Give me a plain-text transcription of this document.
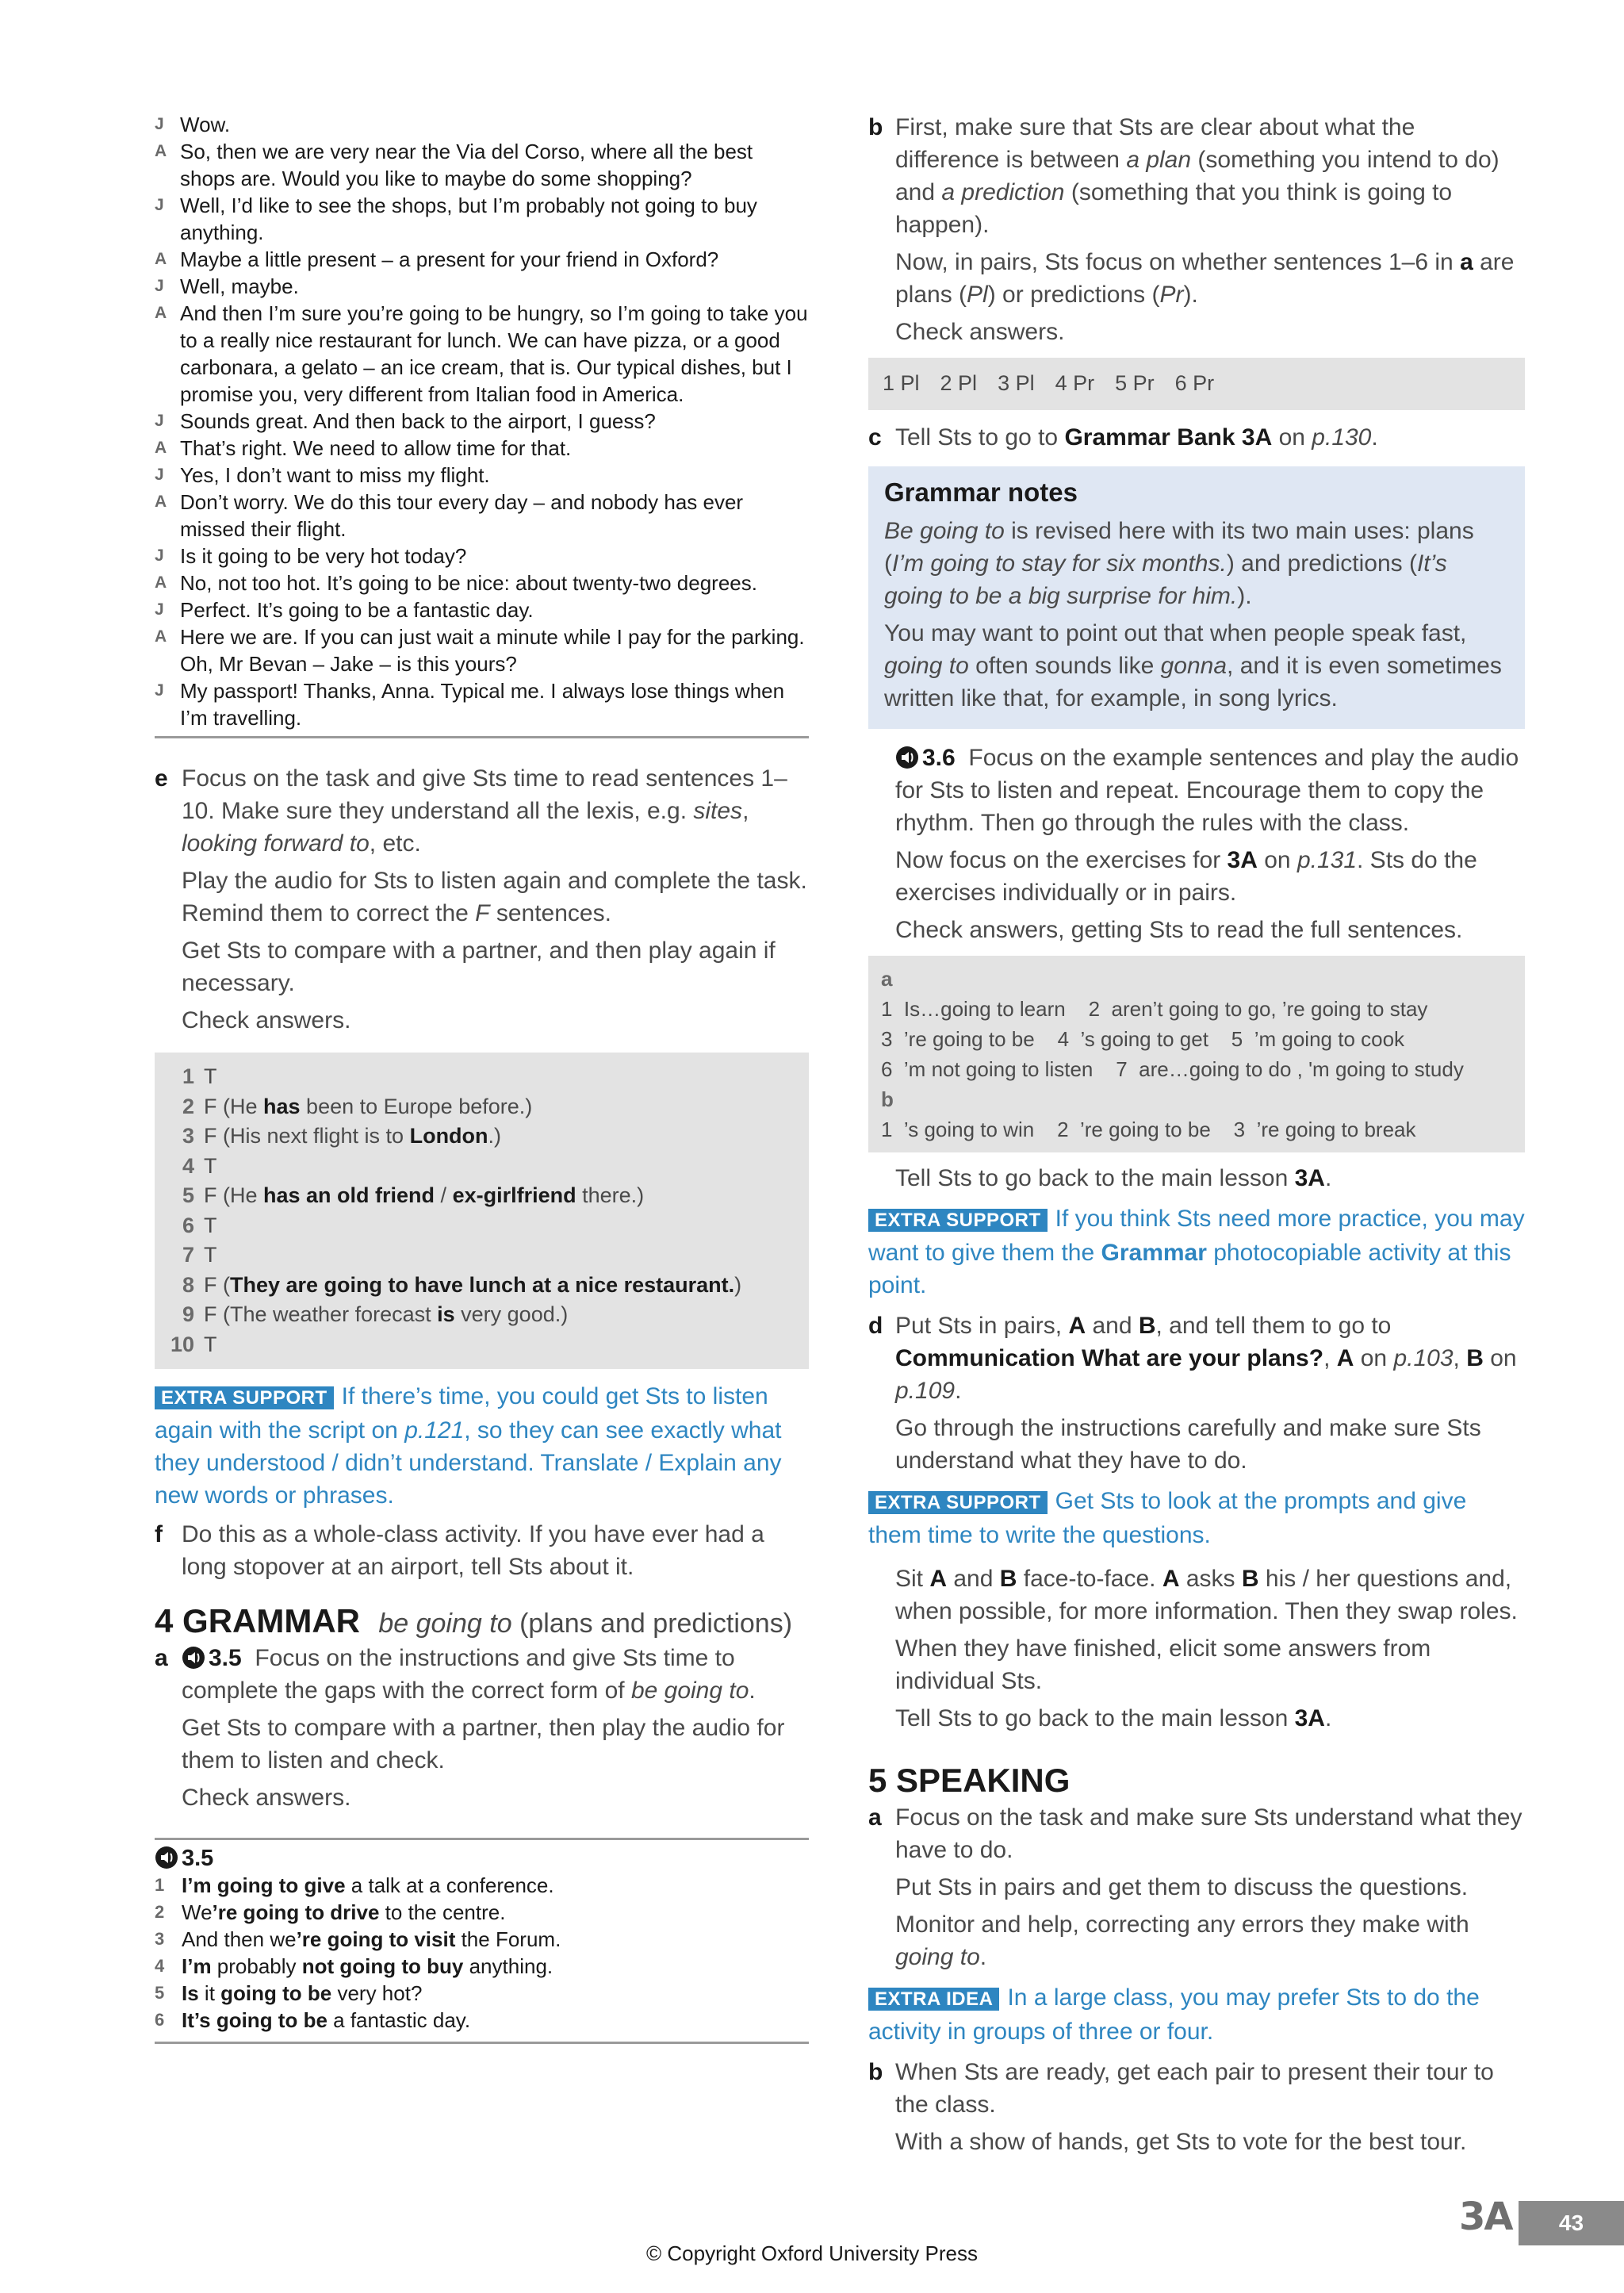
J Wow.
A So, then we are very near the Via del Corso, where all the best shops are. Would you like to maybe do some shopping?
J Well, I’d like to see the shops, but I’m probably not going to buy anything.
A Maybe a little present – a present for your friend in Oxford?
J Well, maybe.
A And then I’m sure you’re going to be hungry, so I’m going to take you to a really nice restaurant for lunch. We can have pizza, or a good carbonara, a gelato – an ice cream, that is. Our typical dishes, but I promise you, very different from Italian food in America.
J Sounds great. And then back to the airport, I guess?
A That’s right. We need to allow time for that.
J Yes, I don’t want to miss my flight.
A Don’t worry. We do this tour every day – and nobody has ever missed their flight.
J Is it going to be very hot today?
A No, not too hot. It’s going to be nice: about twenty-two degrees.
J Perfect. It’s going to be a fantastic day.
A Here we are. If you can just wait a minute while I pay for the parking. Oh, Mr Bevan – Jake – is this yours?
J My passport! Thanks, Anna. Typical me. I always lose things when I’m travelling.
e Focus on the task and give Sts time to read sentences 1–10. Make sure they understand all the lexis, e.g. sites, looking forward to, etc.
Play the audio for Sts to listen again and complete the task. Remind them to correct the F sentences.
Get Sts to compare with a partner, and then play again if necessary.
Check answers.
1 T
2 F (He has been to Europe before.)
3 F (His next flight is to London.)
4 T
5 F (He has an old friend / ex-girlfriend there.)
6 T
7 T
8 F (They are going to have lunch at a nice restaurant.)
9 F (The weather forecast is very good.)
10 T
EXTRA SUPPORT If there’s time, you could get Sts to listen again with the script on p.121, so they can see exactly what they understood / didn’t understand. Translate / Explain any new words or phrases.
f Do this as a whole-class activity. If you have ever had a long stopover at an airport, tell Sts about it.
4 GRAMMAR be going to (plans and predictions)
a	3.5 Focus on the instructions and give Sts time to complete the gaps with the correct form of be going to.
Get Sts to compare with a partner, then play the audio for them to listen and check.
Check answers.
3.5
1 I’m going to give a talk at a conference.
2 We’re going to drive to the centre.
3 And then we’re going to visit the Forum.
4 I’m probably not going to buy anything.
5 Is it going to be very hot?
6 It’s going to be a fantastic day.
b First, make sure that Sts are clear about what the difference is between a plan (something you intend to do) and a prediction (something that you think is going to happen).
Now, in pairs, Sts focus on whether sentences 1–6 in a are plans (Pl) or predictions (Pr).
Check answers.
1 Pl 2 Pl 3 Pl 4 Pr 5 Pr 6 Pr
c Tell Sts to go to Grammar Bank 3A on p.130.
Grammar notes
Be going to is revised here with its two main uses: plans (I’m going to stay for six months.) and predictions (It’s going to be a big surprise for him.).
You may want to point out that when people speak fast, going to often sounds like gonna, and it is even sometimes written like that, for example, in song lyrics.
3.6 Focus on the example sentences and play the audio for Sts to listen and repeat. Encourage them to copy the rhythm. Then go through the rules with the class.
Now focus on the exercises for 3A on p.131. Sts do the exercises individually or in pairs.
Check answers, getting Sts to read the full sentences.
a
1  Is…going to learn    2  aren’t going to go, ’re going to stay
3  ’re going to be    4  ’s going to get    5  ’m going to cook
6  ’m not going to listen    7  are…going to do , 'm going to study
b
1  ’s going to win    2  ’re going to be    3  ’re going to break
Tell Sts to go back to the main lesson 3A.
EXTRA SUPPORT If you think Sts need more practice, you may want to give them the Grammar photocopiable activity at this point.
d Put Sts in pairs, A and B, and tell them to go to Communication What are your plans?, A on p.103, B on p.109.
Go through the instructions carefully and make sure Sts understand what they have to do.
EXTRA SUPPORT Get Sts to look at the prompts and give them time to write the questions.
Sit A and B face-to-face. A asks B his / her questions and, when possible, for more information. Then they swap roles.
When they have finished, elicit some answers from individual Sts.
Tell Sts to go back to the main lesson 3A.
5 SPEAKING
a Focus on the task and make sure Sts understand what they have to do.
Put Sts in pairs and get them to discuss the questions.
Monitor and help, correcting any errors they make with going to.
EXTRA IDEA In a large class, you may prefer Sts to do the activity in groups of three or four.
b When Sts are ready, get each pair to present their tour to the class.
With a show of hands, get Sts to vote for the best tour.
3A	43
© Copyright Oxford University Press
